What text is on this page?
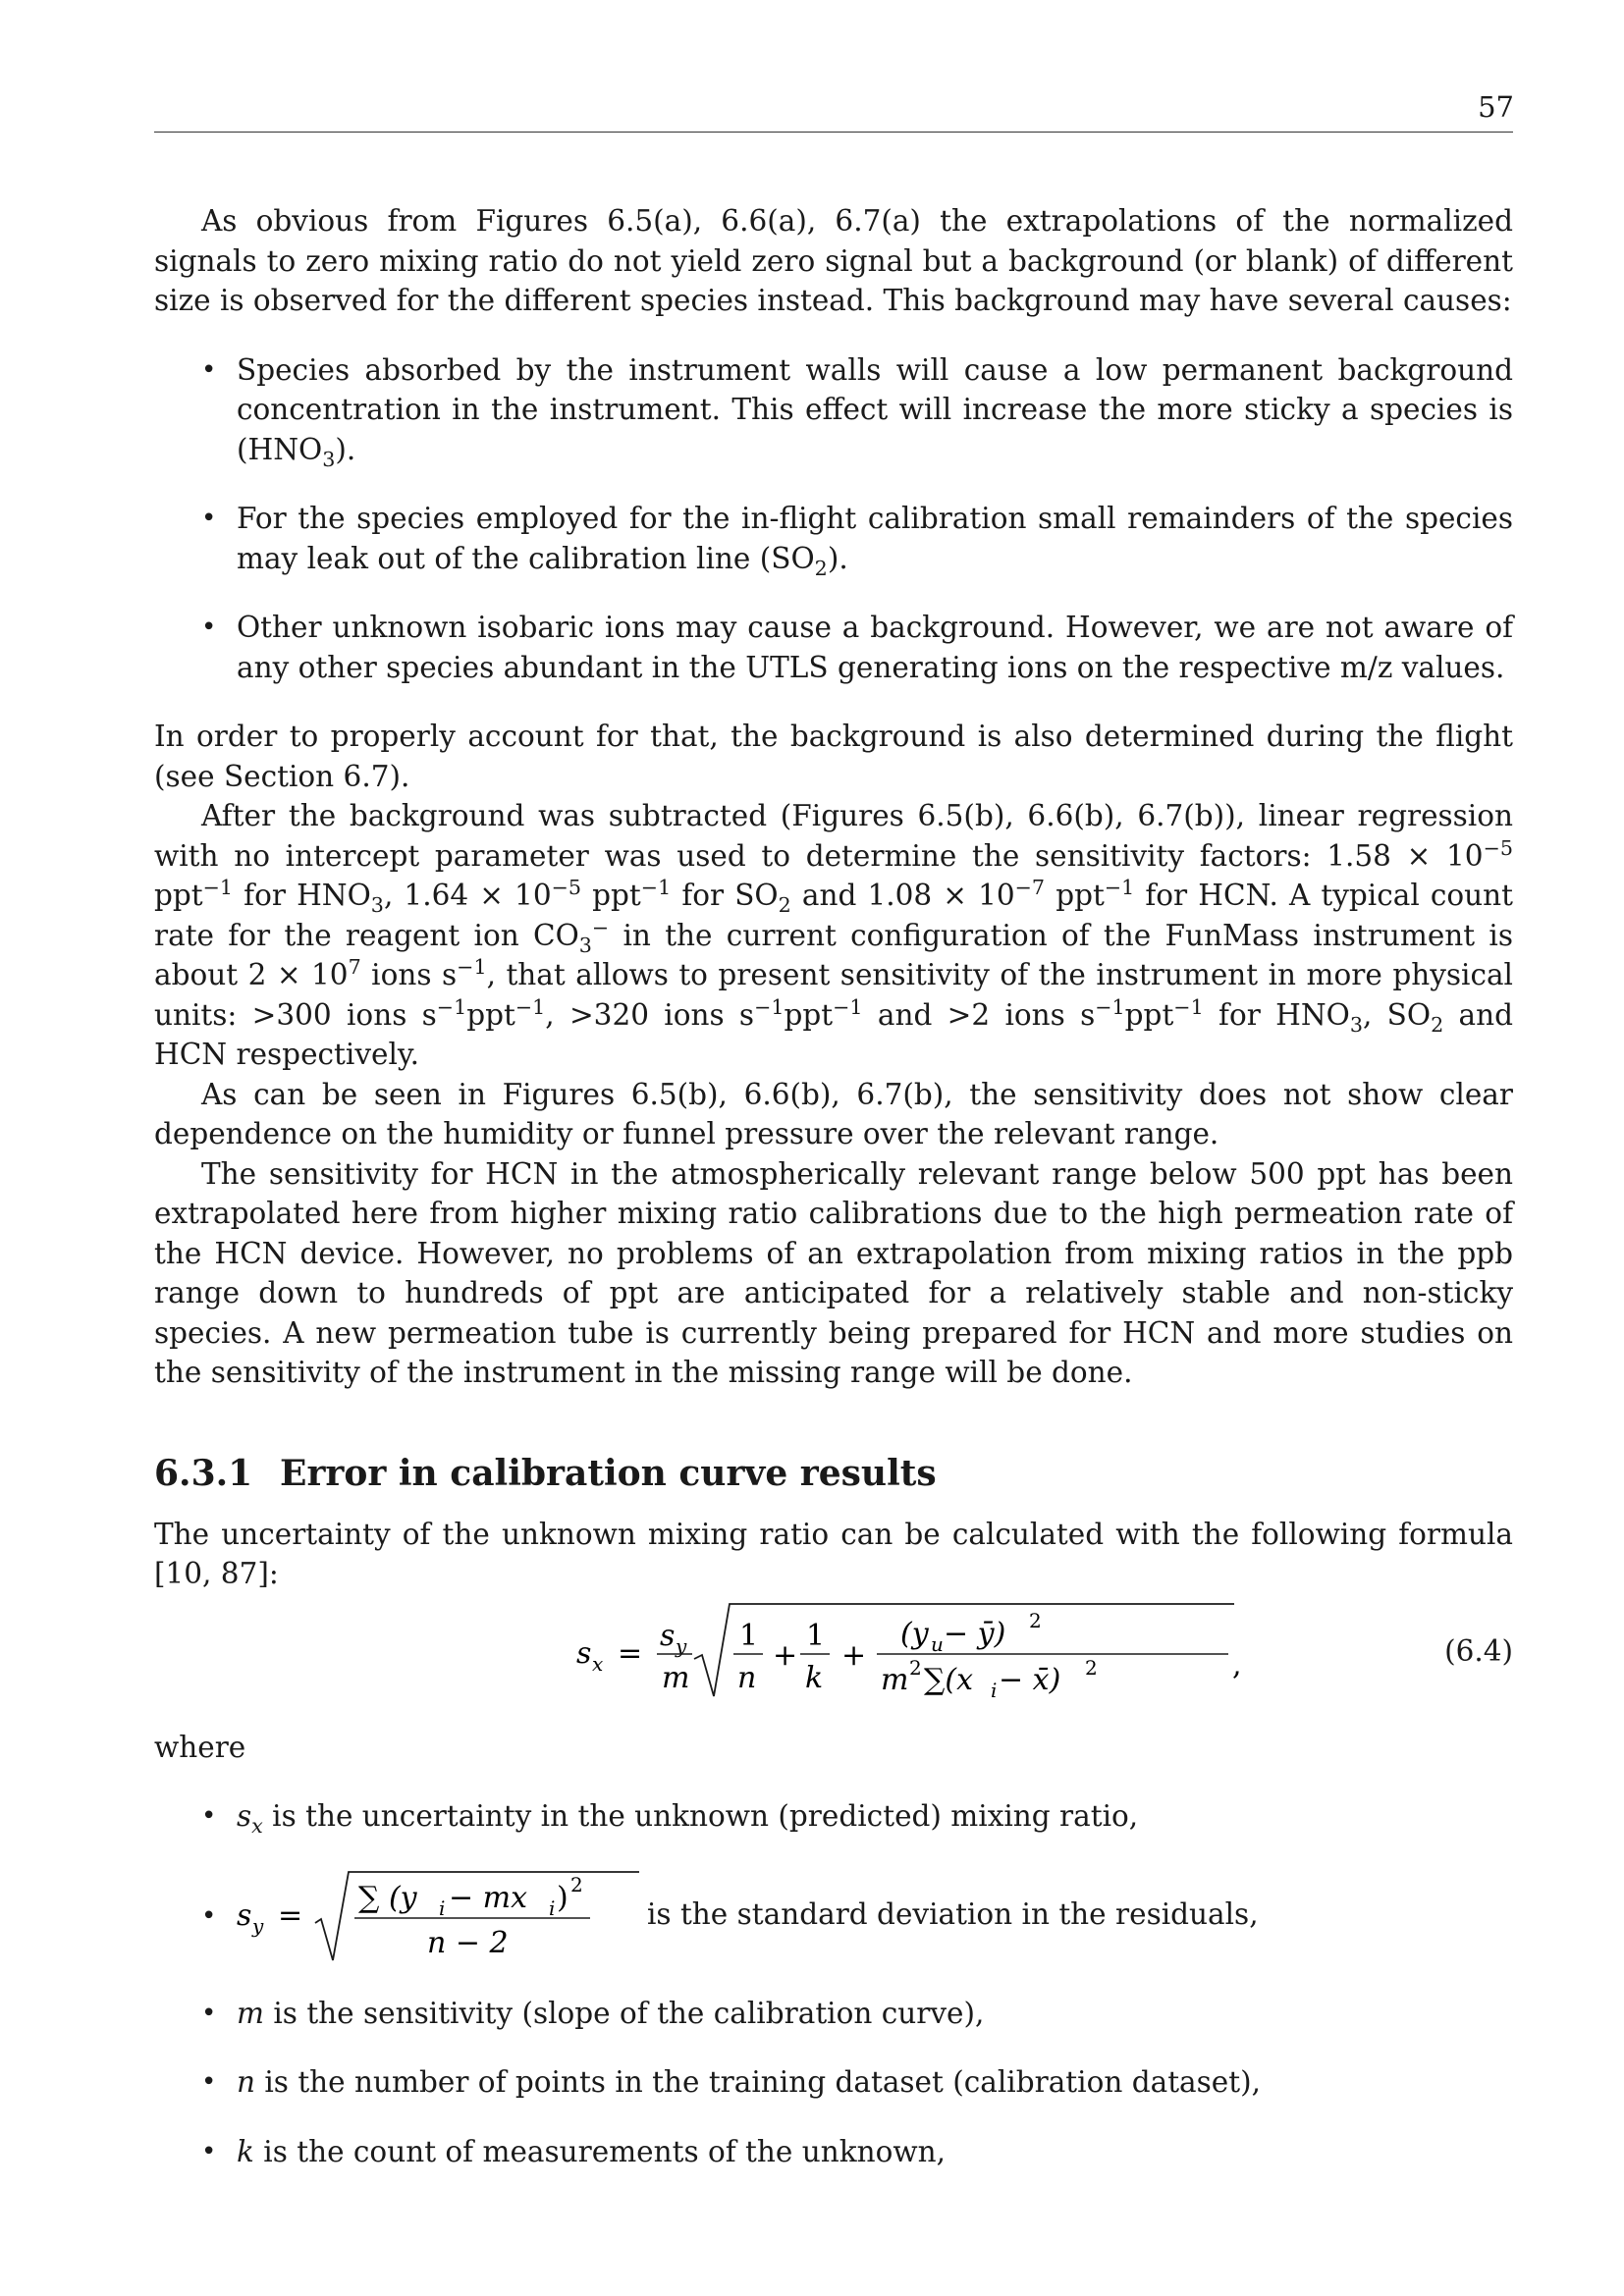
57

As obvious from Figures 6.5(a), 6.6(a), 6.7(a) the extrapolations of the normalized signals to zero mixing ratio do not yield zero signal but a background (or blank) of different size is observed for the different species instead. This background may have several causes:

• Species absorbed by the instrument walls will cause a low permanent background concentration in the instrument. This effect will increase the more sticky a species is $(HNO_3)$.
• For the species employed for the in-flight calibration small remainders of the species may leak out of the calibration line $(SO_2)$.
• Other unknown isobaric ions may cause a background. However, we are not aware of any other species abundant in the UTLS generating ions on the respective m/z values.

In order to properly account for that, the background is also determined during the flight (see Section 6.7).

After the background was subtracted (Figures 6.5(b), 6.6(b), 6.7(b)), linear regression with no intercept parameter was used to determine the sensitivity factors: $1.58 \times 10^{-5}$ ppt$^{-1}$ for $HNO_3$, $1.64 \times 10^{-5}$ ppt$^{-1}$ for $SO_2$ and $1.08 \times 10^{-7}$ ppt$^{-1}$ for HCN. A typical count rate for the reagent ion $CO_3^-$ in the current configuration of the FunMass instrument is about $2 \times 10^7$ ions $s^{-1}$, that allows to present sensitivity of the instrument in more physical units: >300 ions $s^{-1}ppt^{-1}$, >320 ions $s^{-1}ppt^{-1}$ and >2 ions $s^{-1}ppt^{-1}$ for $HNO_3$, $SO_2$ and HCN respectively.

As can be seen in Figures 6.5(b), 6.6(b), 6.7(b), the sensitivity does not show clear dependence on the humidity or funnel pressure over the relevant range.

The sensitivity for HCN in the atmospherically relevant range below 500 ppt has been extrapolated here from higher mixing ratio calibrations due to the high permeation rate of the HCN device. However, no problems of an extrapolation from mixing ratios in the ppb range down to hundreds of ppt are anticipated for a relatively stable and non-sticky species. A new permeation tube is currently being prepared for HCN and more studies on the sensitivity of the instrument in the missing range will be done.

6.3.1 Error in calibration curve results

The uncertainty of the unknown mixing ratio can be calculated with the following formula [10, 87]:

s x =
s y
m
1
n
+
1
k
+
(y u − ȳ) 2
m 2 ∑(x i − x̄) 2	,	(6.4)

where

• $s_x$ is the uncertainty in the unknown (predicted) mixing ratio,
• s y =
∑ (y i − mx i ) 2
n − 2
is the standard deviation in the residuals,
• m is the sensitivity (slope of the calibration curve),
• n is the number of points in the training dataset (calibration dataset),
• k is the count of measurements of the unknown,
